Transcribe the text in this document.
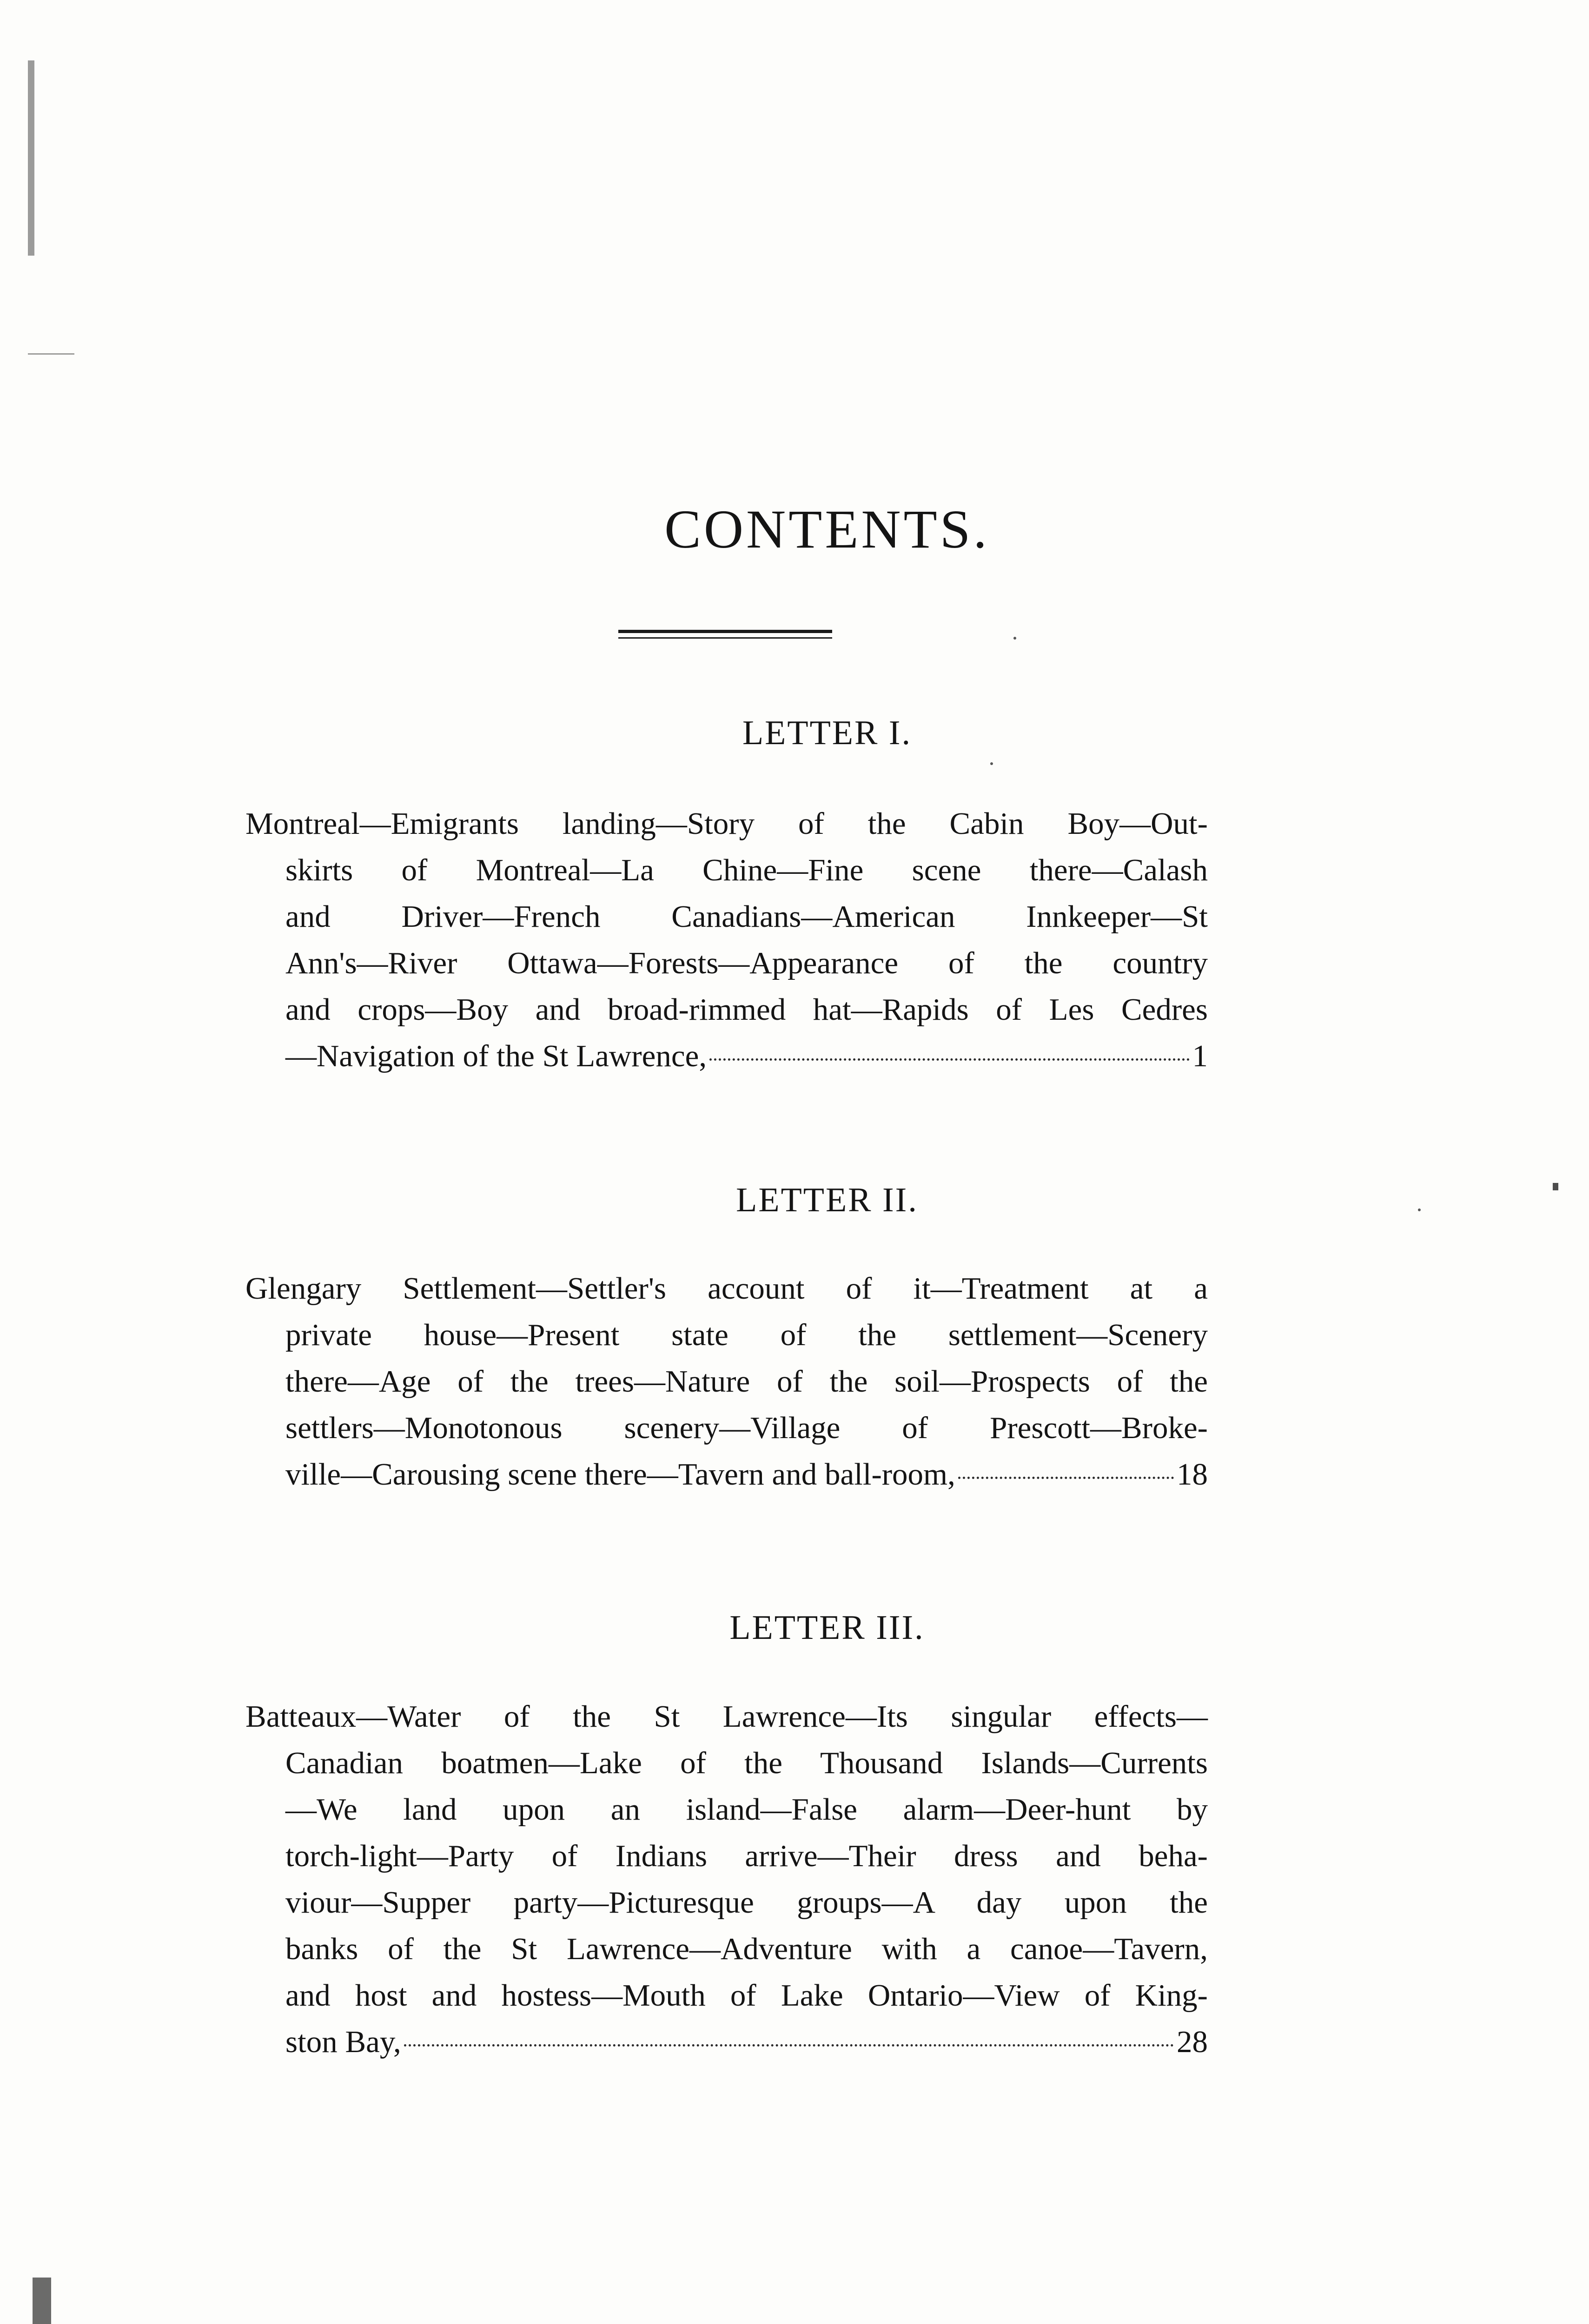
CONTENTS.
LETTER I.
Montreal—Emigrants landing—Story of the Cabin Boy—Out-
skirts of Montreal—La Chine—Fine scene there—Calash
and Driver—French Canadians—American Innkeeper—St
Ann's—River Ottawa—Forests—Appearance of the country
and crops—Boy and broad-rimmed hat—Rapids of Les Cedres
—Navigation of the St Lawrence,	1
LETTER II.
Glengary Settlement—Settler's account of it—Treatment at a
private house—Present state of the settlement—Scenery
there—Age of the trees—Nature of the soil—Prospects of the
settlers—Monotonous scenery—Village of Prescott—Broke-
ville—Carousing scene there—Tavern and ball-room,	18
LETTER III.
Batteaux—Water of the St Lawrence—Its singular effects—
Canadian boatmen—Lake of the Thousand Islands—Currents
—We land upon an island—False alarm—Deer-hunt by
torch-light—Party of Indians arrive—Their dress and beha-
viour—Supper party—Picturesque groups—A day upon the
banks of the St Lawrence—Adventure with a canoe—Tavern,
and host and hostess—Mouth of Lake Ontario—View of King-
ston Bay,	28
